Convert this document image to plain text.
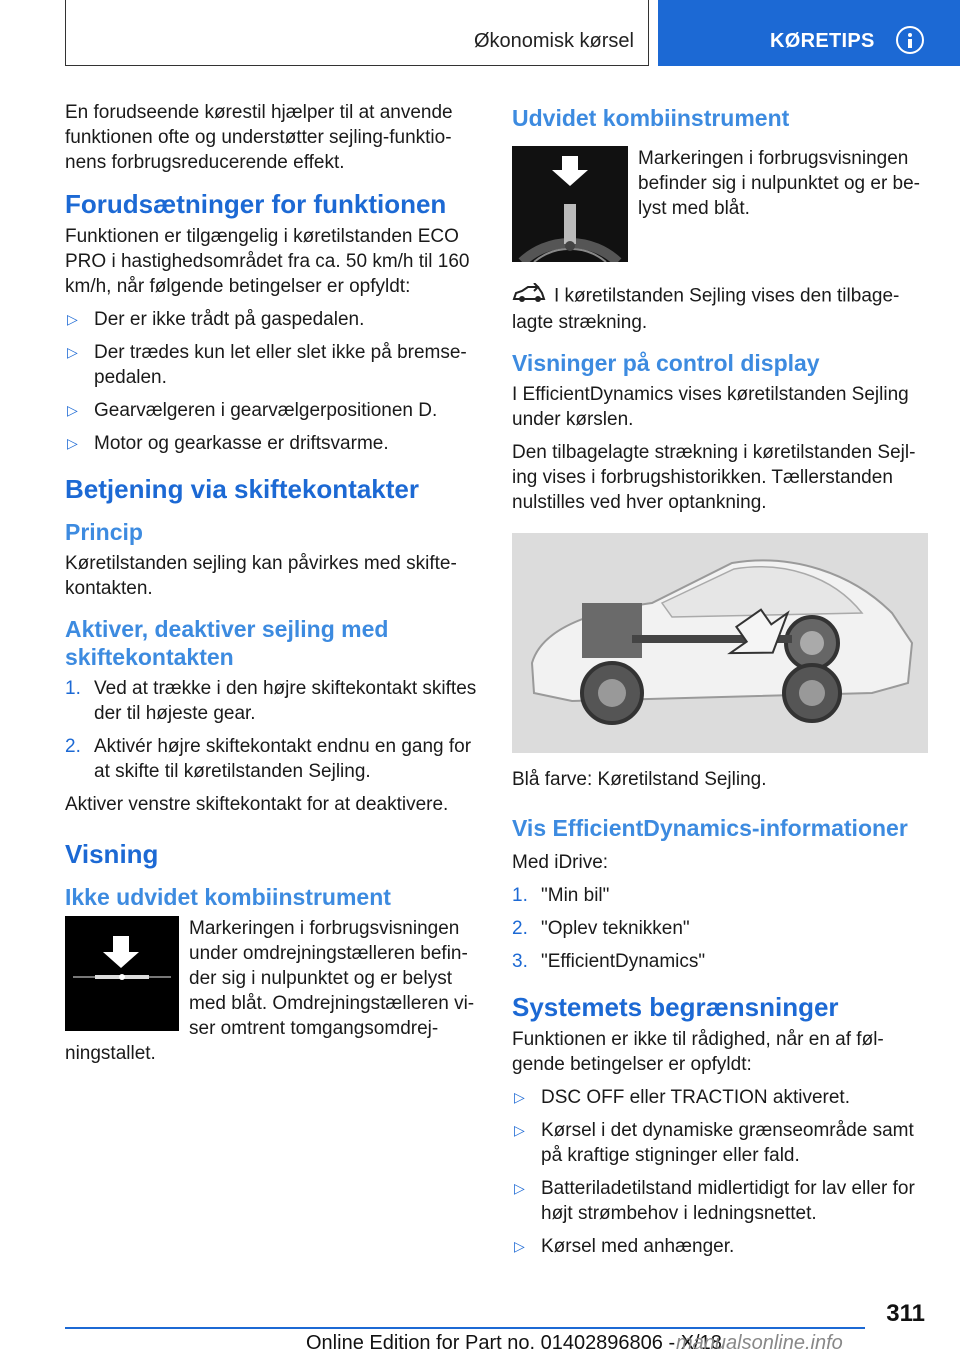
Økonomisk kørsel	KØRETIPS

En forudseende kørestil hjælper til at anvende funktionen ofte og understøtter sejling-funktio-nens forbrugsreducerende effekt.

Forudsætninger for funktionen

Funktionen er tilgængelig i køretilstanden ECO PRO i hastighedsområdet fra ca. 50 km/h til 160 km/h, når følgende betingelser er opfyldt:

▷ Der er ikke trådt på gaspedalen.
▷ Der trædes kun let eller slet ikke på bremse-pedalen.
▷ Gearvælgeren i gearvælgerpositionen D.
▷ Motor og gearkasse er driftsvarme.
Betjening via skiftekontakter
Princip

Køretilstanden sejling kan påvirkes med skifte-kontakten.

Aktiver, deaktiver sejling med skiftekontakten
1. Ved at trække i den højre skiftekontakt skiftes der til højeste gear.
2. Aktivér højre skiftekontakt endnu en gang for at skifte til køretilstanden Sejling.

Aktiver venstre skiftekontakt for at deaktivere.

Visning
Ikke udvidet kombiinstrument

Markeringen i forbrugsvisningen under omdrejningstælleren befin-der sig i nulpunktet og er belyst med blåt. Omdrejningstælleren vi-ser omtrent tomgangsomdrej-ningstallet.

Udvidet kombiinstrument

Markeringen i forbrugsvisningen befinder sig i nulpunktet og er be-lyst med blåt.

I køretilstanden Sejling vises den tilbage-lagte strækning.

Visninger på control display

I EfficientDynamics vises køretilstanden Sejling under kørslen.

Den tilbagelagte strækning i køretilstanden Sejl-ing vises i forbrugshistorikken. Tællerstanden nulstilles ved hver optankning.

Blå farve: Køretilstand Sejling.

Vis EfficientDynamics-informationer

Med iDrive:

1. "Min bil"
2. "Oplev teknikken"
3. "EfficientDynamics"
Systemets begrænsninger

Funktionen er ikke til rådighed, når en af føl-gende betingelser er opfyldt:

▷ DSC OFF eller TRACTION aktiveret.
▷ Kørsel i det dynamiske grænseområde samt på kraftige stigninger eller fald.
▷ Batteriladetilstand midlertidigt for lav eller for højt strømbehov i ledningsnettet.
▷ Kørsel med anhænger.
311
Online Edition for Part no. 01402896806 - X/18
manualsonline.info
